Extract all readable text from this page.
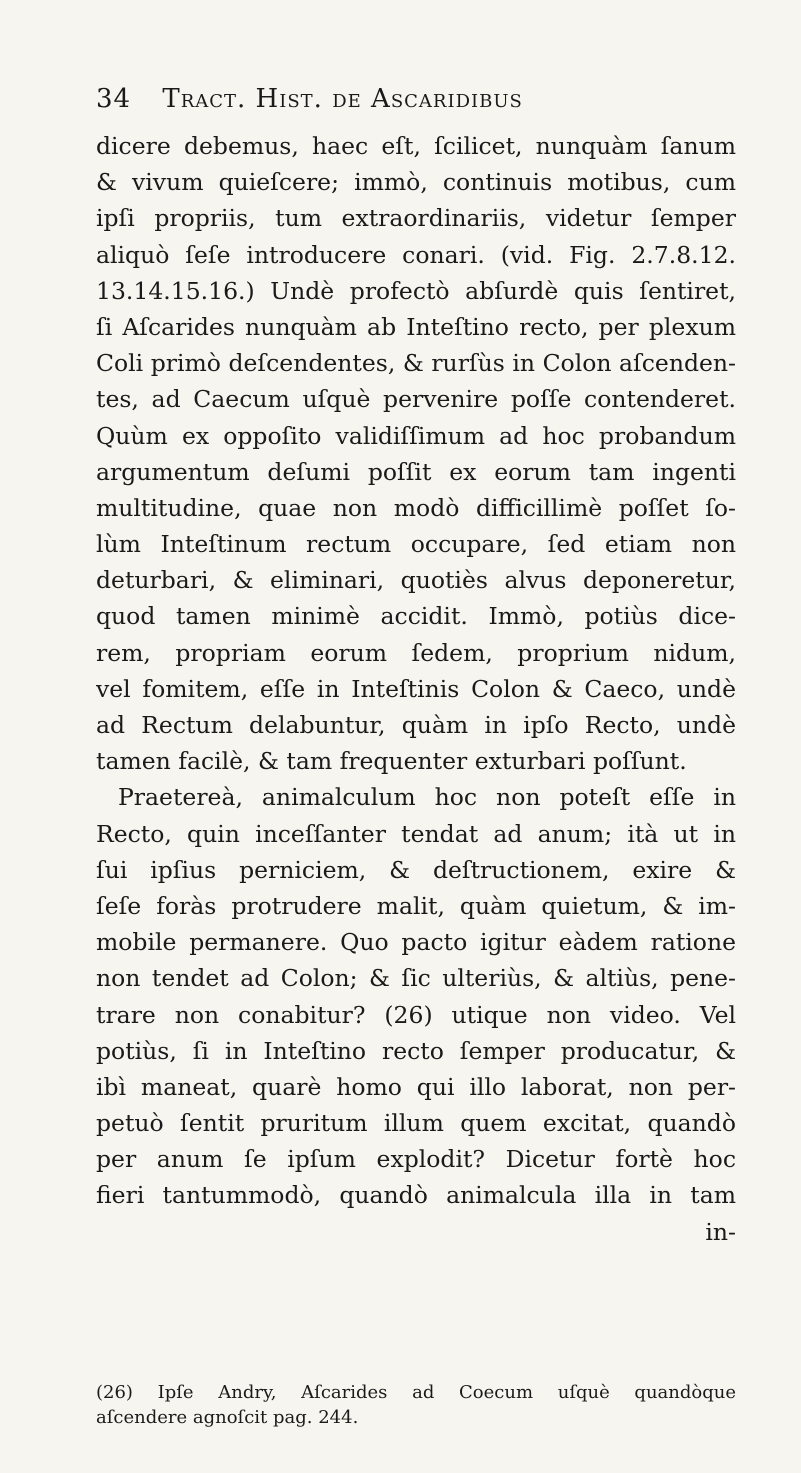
34 Tract. Hist. de Ascaridibus
dicere debemus, haec eſt, ſcilicet, nunquàm ſanum
& vivum quieſcere; immò, continuis motibus, cum
ipſi propriis, tum extraordinariis, videtur ſemper
aliquò ſeſe introducere conari. (vid. Fig. 2.7.8.12.
13.14.15.16.) Undè profectò abſurdè quis ſentiret,
ſi Aſcarides nunquàm ab Inteſtino recto, per plexum
Coli primò deſcendentes, & rurſùs in Colon aſcenden-
tes, ad Caecum uſquè pervenire poſſe contenderet.
Quùm ex oppoſito validiſſimum ad hoc probandum
argumentum deſumi poſſit ex eorum tam ingenti
multitudine, quae non modò difficillimè poſſet ſo-
lùm Inteſtinum rectum occupare, ſed etiam non
deturbari, & eliminari, quotiès alvus deponeretur,
quod tamen minimè accidit. Immò, potiùs dice-
rem, propriam eorum ſedem, proprium nidum,
vel fomitem, eſſe in Inteſtinis Colon & Caeco, undè
ad Rectum delabuntur, quàm in ipſo Recto, undè
tamen facilè, & tam frequenter exturbari poſſunt.
Praetereà, animalculum hoc non poteſt eſſe in
Recto, quin inceſſanter tendat ad anum; ità ut in
ſui ipſius perniciem, & deſtructionem, exire &
ſeſe foràs protrudere malit, quàm quietum, & im-
mobile permanere. Quo pacto igitur eàdem ratione
non tendet ad Colon; & ſic ulteriùs, & altiùs, pene-
trare non conabitur? (26) utique non video. Vel
potiùs, ſi in Inteſtino recto ſemper producatur, &
ibì maneat, quarè homo qui illo laborat, non per-
petuò ſentit pruritum illum quem excitat, quandò
per anum ſe ipſum explodit? Dicetur fortè hoc
fieri tantummodò, quandò animalcula illa in tam
in-
(26) Ipſe Andry, Aſcarides ad Coecum uſquè quandòque
aſcendere agnoſcit pag. 244.
